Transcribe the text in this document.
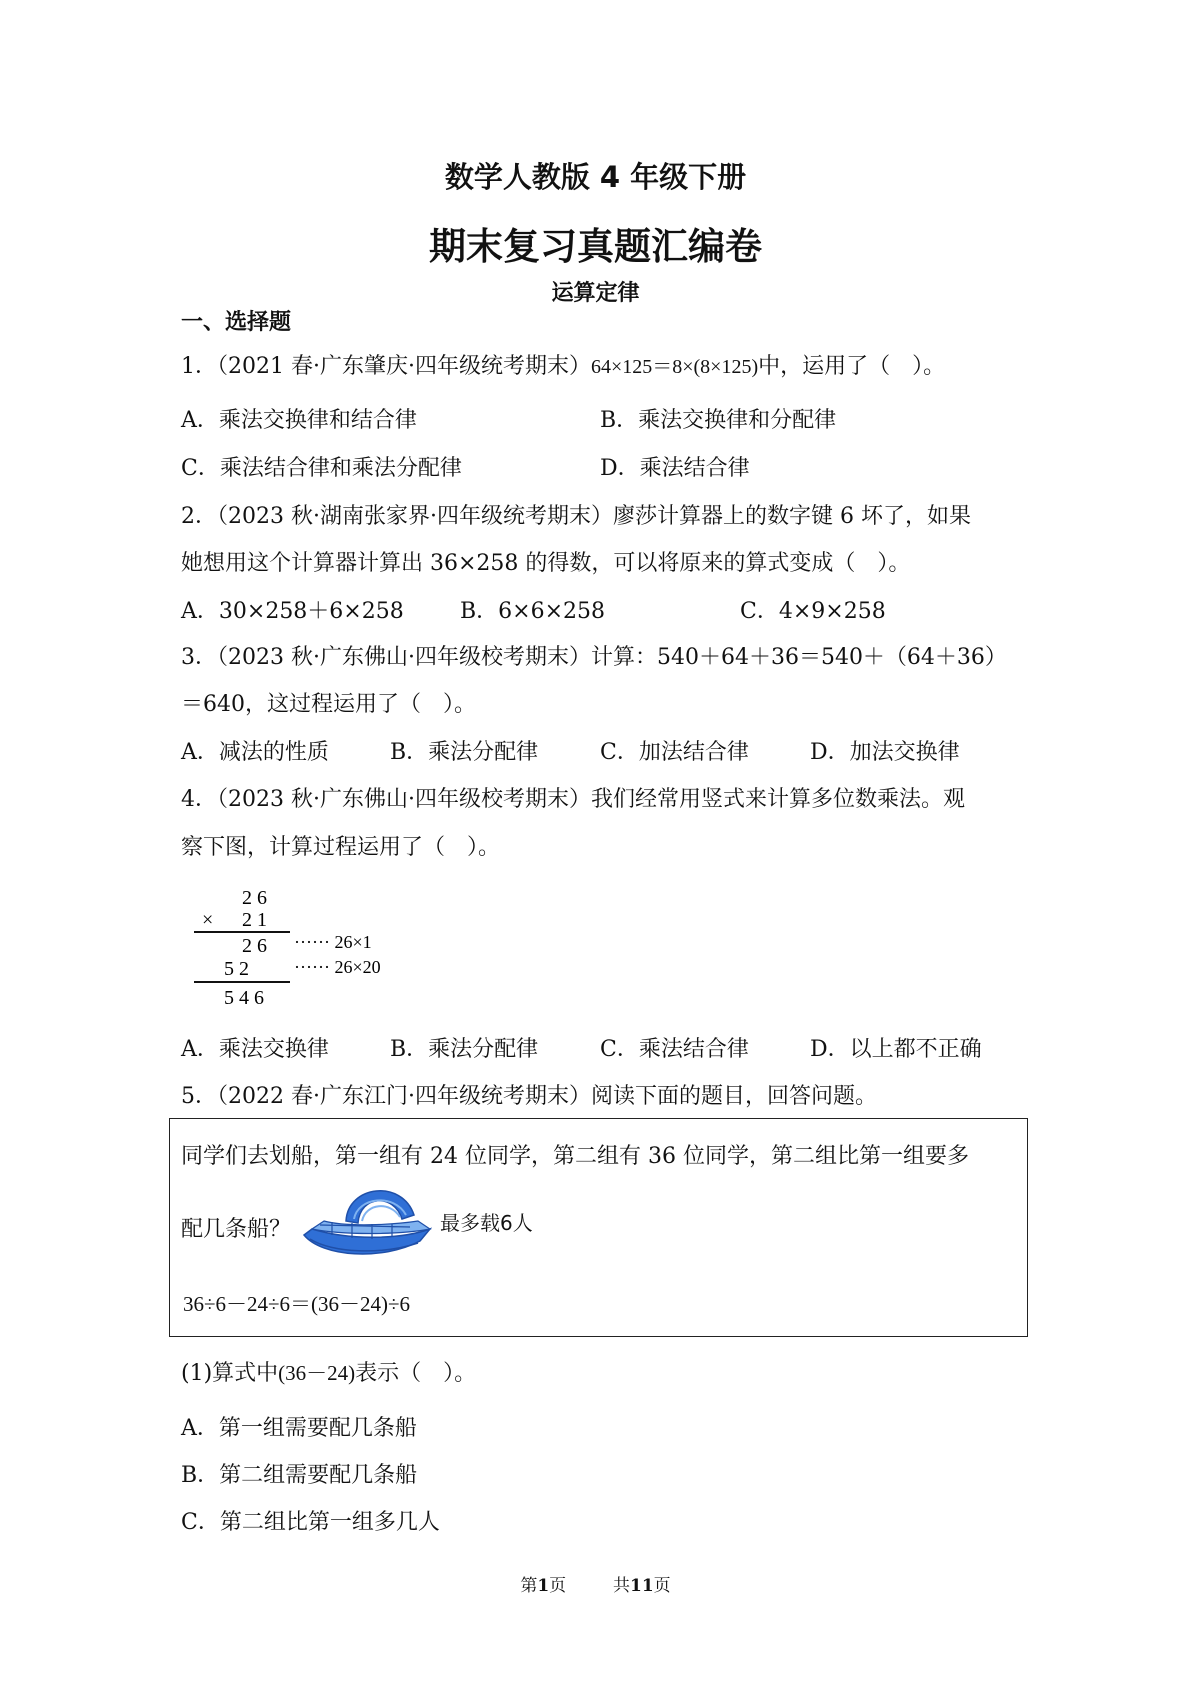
数学人教版 4 年级下册
期末复习真题汇编卷
运算定律
一、选择题
1．（2021 春·广东肇庆·四年级统考期末）64×125＝8×(8×125)中，运用了（　）。
A．乘法交换律和结合律	B．乘法交换律和分配律
C．乘法结合律和乘法分配律	D．乘法结合律
2．（2023 秋·湖南张家界·四年级统考期末）廖莎计算器上的数字键 6 坏了，如果
她想用这个计算器计算出 36×258 的得数，可以将原来的算式变成（　）。
A．30×258＋6×258	B．6×6×258	C．4×9×258
3．（2023 秋·广东佛山·四年级校考期末）计算：540＋64＋36＝540＋（64＋36）
＝640，这过程运用了（　）。
A．减法的性质	B．乘法分配律	C．加法结合律	D．加法交换律
4．（2023 秋·广东佛山·四年级校考期末）我们经常用竖式来计算多位数乘法。观
察下图，计算过程运用了（　）。
2 6
× 2 1
2 6 ······ 26×1
5 2	······ 26×20
5 4 6
A．乘法交换律	B．乘法分配律	C．乘法结合律	D．以上都不正确
5．（2022 春·广东江门·四年级统考期末）阅读下面的题目，回答问题。
同学们去划船，第一组有 24 位同学，第二组有 36 位同学，第二组比第一组要多
配几条船？	最多载6人
36÷6－24÷6＝(36－24)÷6
(1)算式中(36－24)表示（　）。
A．第一组需要配几条船
B．第二组需要配几条船
C．第二组比第一组多几人
第1页	共11页
